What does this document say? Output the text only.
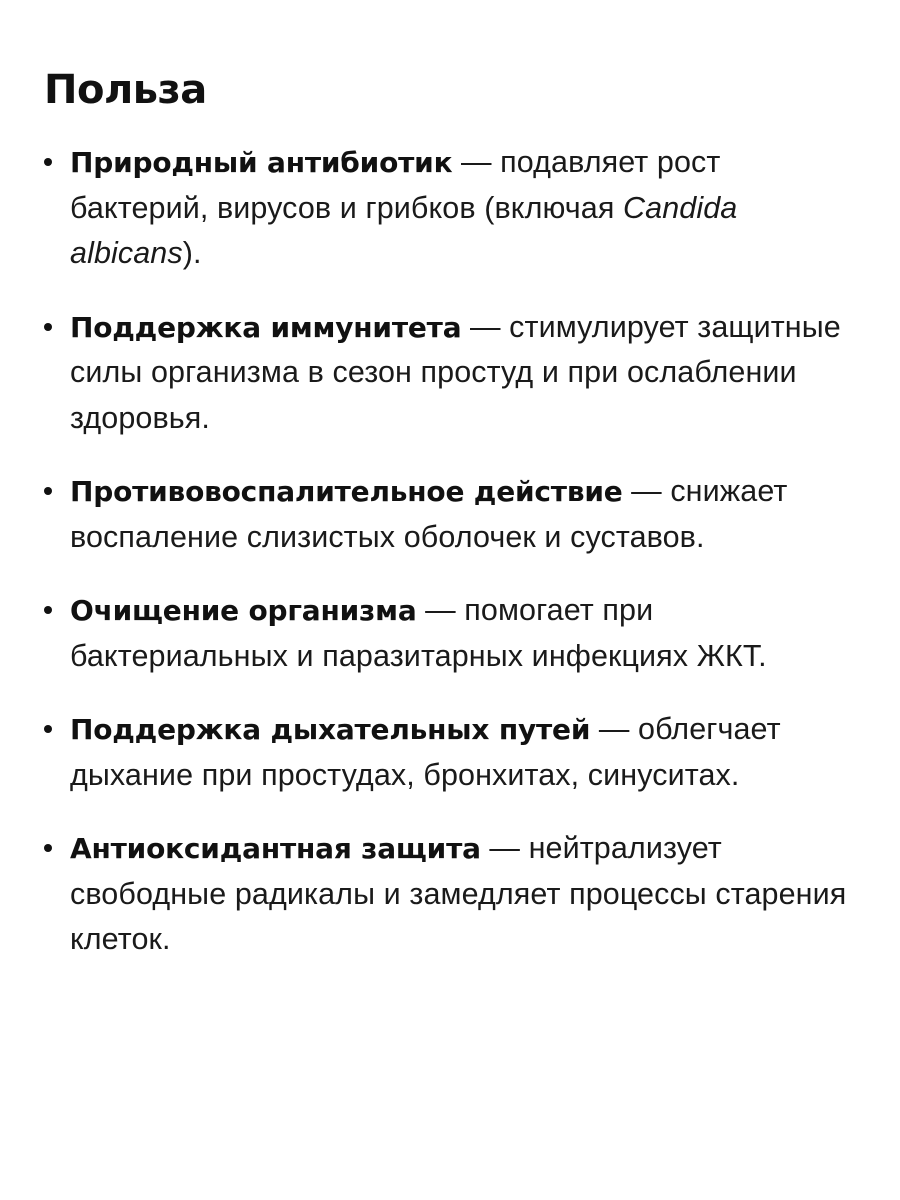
Польза
Природный антибиотик — подавляет рост бактерий, вирусов и грибков (включая Candida albicans).
Поддержка иммунитета — стимулирует защитные силы организма в сезон простуд и при ослаблении здоровья.
Противовоспалительное действие — снижает воспаление слизистых оболочек и суставов.
Очищение организма — помогает при бактериальных и паразитарных инфекциях ЖКТ.
Поддержка дыхательных путей — облегчает дыхание при простудах, бронхитах, синуситах.
Антиоксидантная защита — нейтрализует свободные радикалы и замедляет процессы старения клеток.
